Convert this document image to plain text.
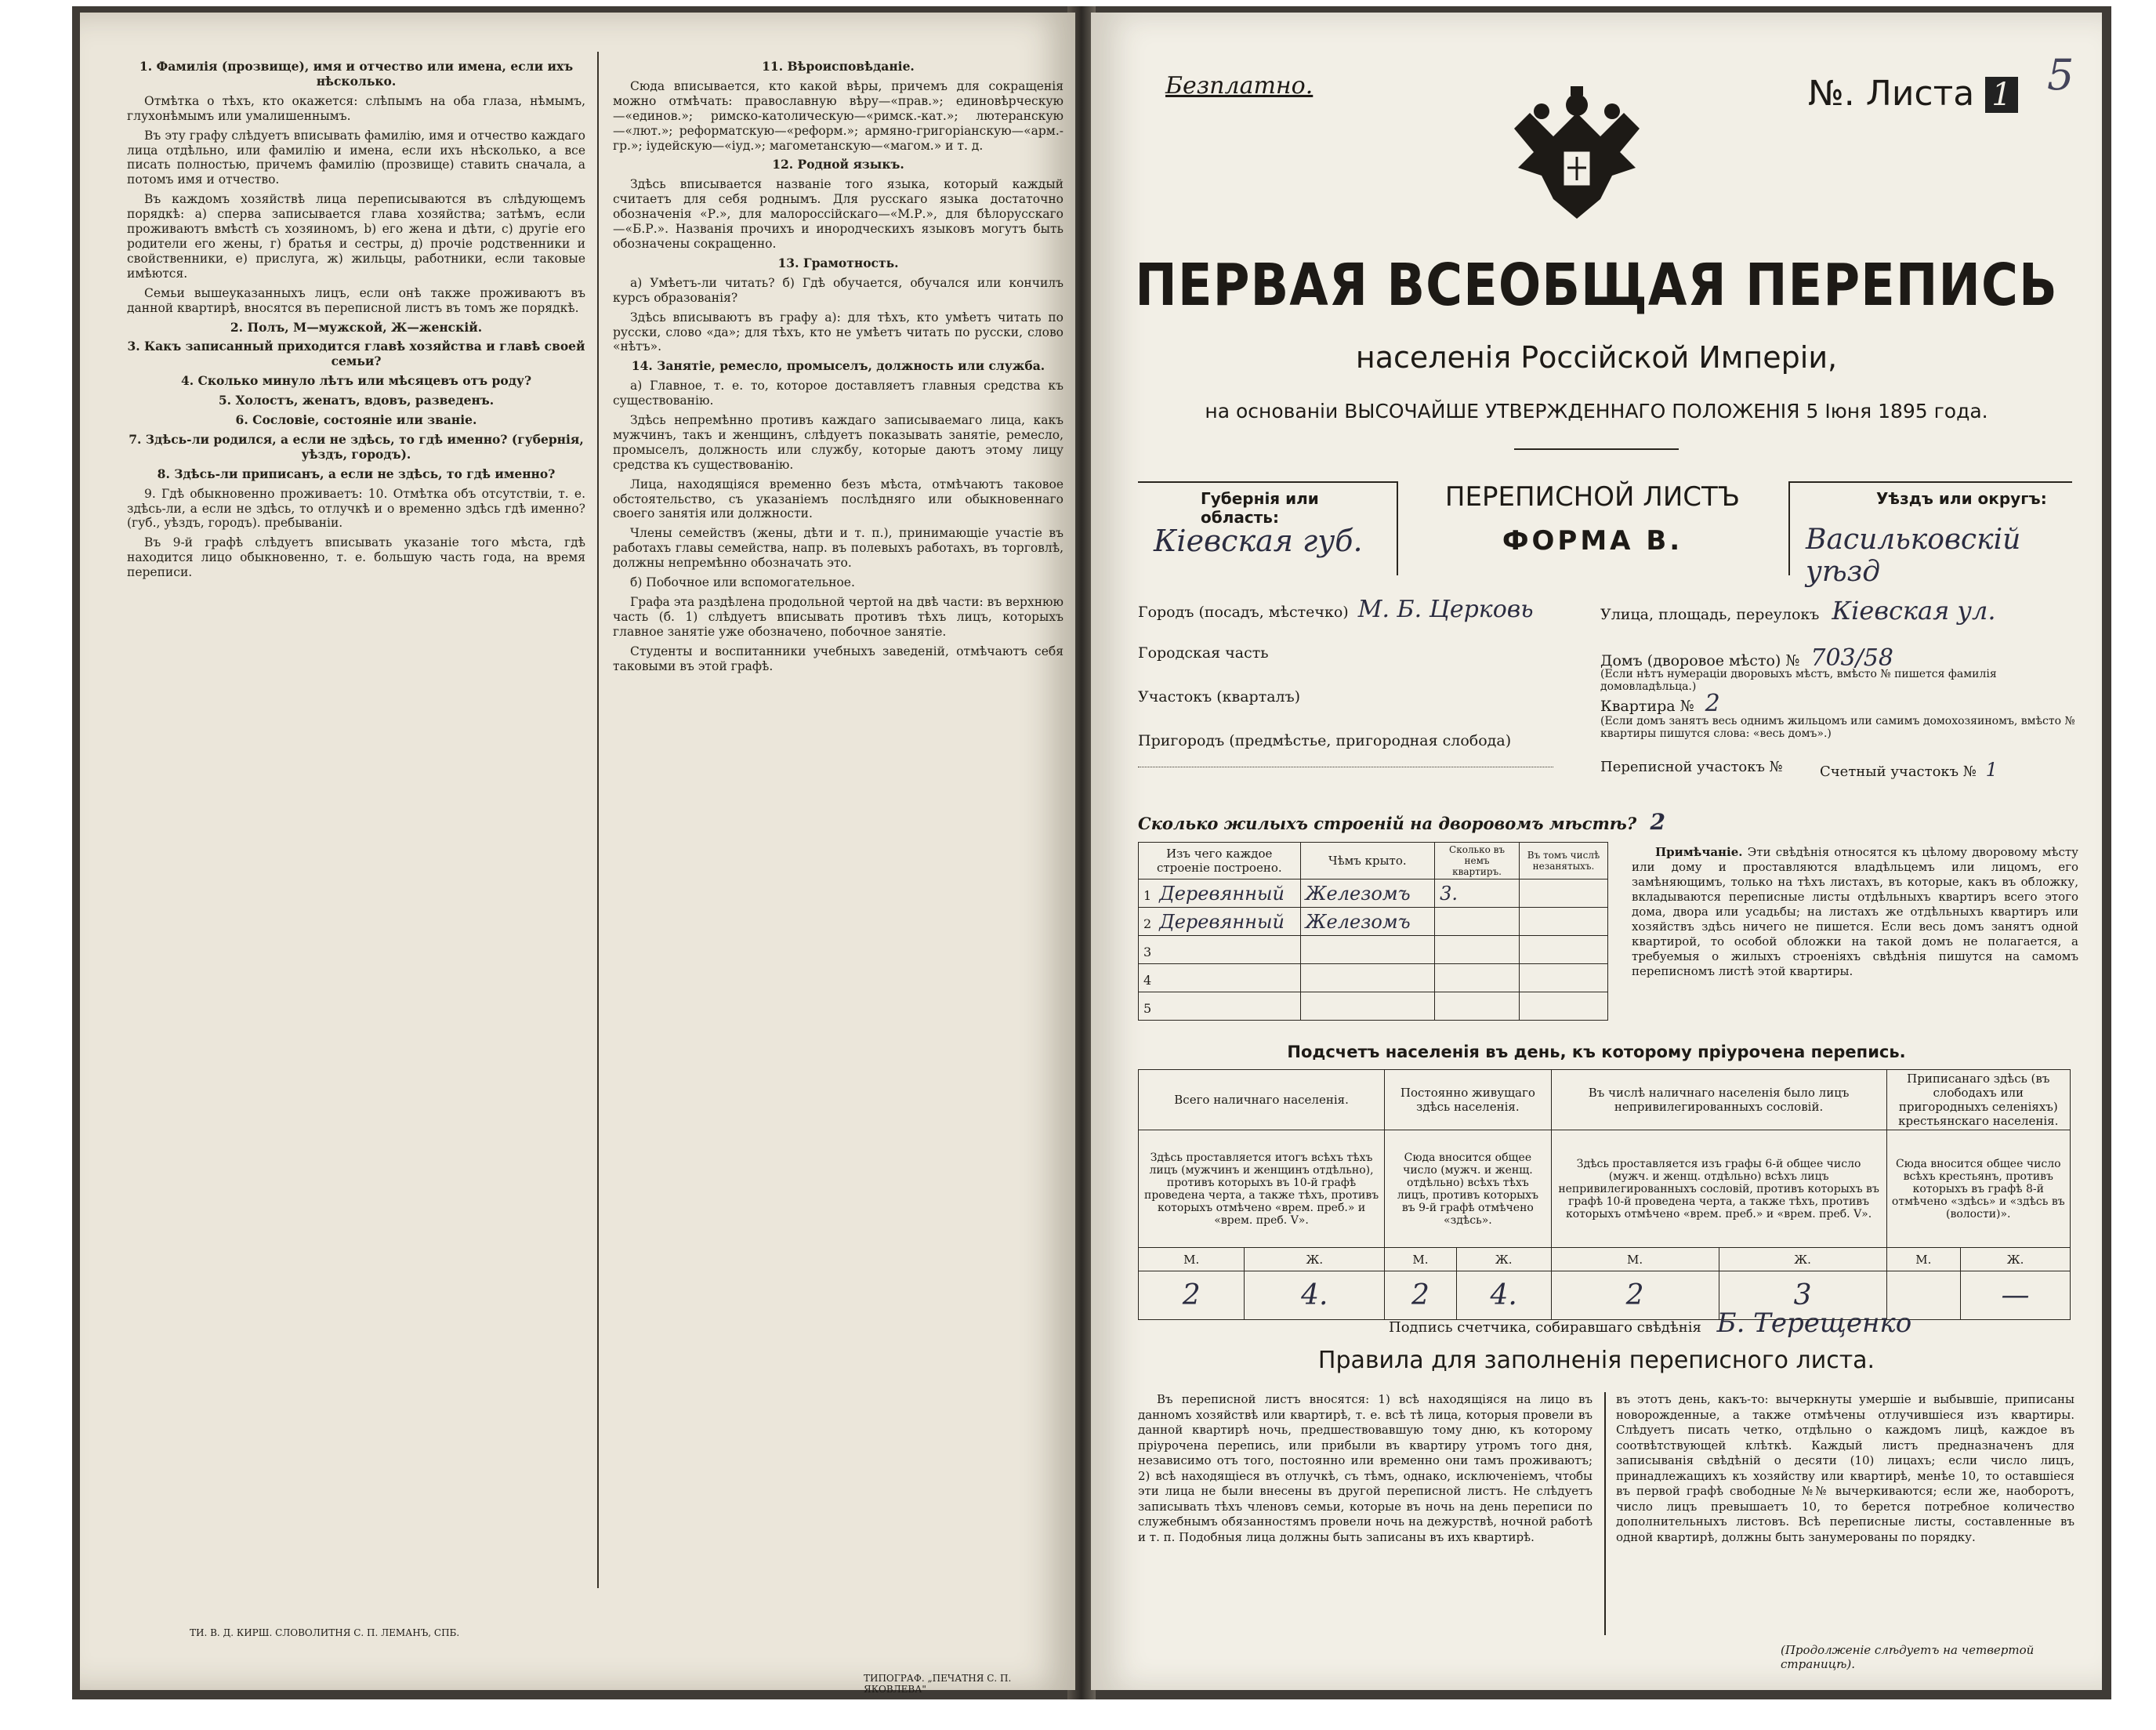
1. Фамилія (прозвище), имя и отчество или имена, если ихъ нѣсколько.

Отмѣтка о тѣхъ, кто окажется: слѣпымъ на оба глаза, нѣмымъ, глухонѣмымъ или умалишеннымъ.

Въ эту графу слѣдуетъ вписывать фамилію, имя и отчество каждаго лица отдѣльно, или фамилію и имена, если ихъ нѣсколько, а все писать полностью, причемъ фамилію (прозвище) ставить сначала, а потомъ имя и отчество.

Въ каждомъ хозяйствѣ лица переписываются въ слѣдующемъ порядкѣ: а) сперва записывается глава хозяйства; затѣмъ, если проживаютъ вмѣстѣ съ хозяиномъ, b) его жена и дѣти, с) другіе его родители его жены, г) братья и сестры, д) прочіе родственники и свойственники, е) прислуга, ж) жильцы, работники, если таковые имѣются.

Семьи вышеуказанныхъ лицъ, если онѣ также проживаютъ въ данной квартирѣ, вносятся въ переписной листъ въ томъ же порядкѣ.

2. Полъ, М—мужской, Ж—женскій.

3. Какъ записанный приходится главѣ хозяйства и главѣ своей семьи?

4. Сколько минуло лѣтъ или мѣсяцевъ отъ роду?

5. Холостъ, женатъ, вдовъ, разведенъ.

6. Сословіе, состояніе или званіе.

7. Здѣсь-ли родился, а если не здѣсь, то гдѣ именно? (губернія, уѣздъ, городъ).

8. Здѣсь-ли приписанъ, а если не здѣсь, то гдѣ именно?

9. Гдѣ обыкновенно проживаетъ: 10. Отмѣтка объ отсутствіи, т. е. здѣсь-ли, а если не здѣсь, то отлучкѣ и о временно здѣсь гдѣ именно? (губ., уѣздъ, городъ). пребываніи.

Въ 9-й графѣ слѣдуетъ вписывать указаніе того мѣста, гдѣ находится лицо обыкновенно, т. е. большую часть года, на время переписи.

11. Вѣроисповѣданіе.

Сюда вписывается, кто какой вѣры, причемъ для сокращенія можно отмѣчать: православную вѣру—«прав.»; единовѣрческую—«единов.»; римско-католическую—«римск.-кат.»; лютеранскую—«лют.»; реформатскую—«реформ.»; армяно-григоріанскую—«арм.-гр.»; іудейскую—«іуд.»; магометанскую—«магом.» и т. д.

12. Родной языкъ.

Здѣсь вписывается названіе того языка, который каждый считаетъ для себя роднымъ. Для русскаго языка достаточно обозначенія «Р.», для малороссійскаго—«М.Р.», для бѣлорусскаго—«Б.Р.». Названія прочихъ и инородческихъ языковъ могутъ быть обозначены сокращенно.

13. Грамотность.

а) Умѣетъ-ли читать? б) Гдѣ обучается, обучался или кончилъ курсъ образованія?

Здѣсь вписываютъ въ графу а): для тѣхъ, кто умѣетъ читать по русски, слово «да»; для тѣхъ, кто не умѣетъ читать по русски, слово «нѣтъ».

14. Занятіе, ремесло, промыселъ, должность или служба.

а) Главное, т. е. то, которое доставляетъ главныя средства къ существованію.

Здѣсь непремѣнно противъ каждаго записываемаго лица, какъ мужчинъ, такъ и женщинъ, слѣдуетъ показывать занятіе, ремесло, промыселъ, должность или службу, которые даютъ этому лицу средства къ существованію.

Лица, находящіяся временно безъ мѣста, отмѣчаютъ таковое обстоятельство, съ указаніемъ послѣдняго или обыкновеннаго своего занятія или должности.

Члены семействъ (жены, дѣти и т. п.), принимающіе участіе въ работахъ главы семейства, напр. въ полевыхъ работахъ, въ торговлѣ, должны непремѣнно обозначать это.

б) Побочное или вспомогательное.

Графа эта раздѣлена продольной чертой на двѣ части: въ верхнюю часть (б. 1) слѣдуетъ вписывать противъ тѣхъ лицъ, которыхъ главное занятіе уже обозначено, побочное занятіе.

Студенты и воспитанники учебныхъ заведеній, отмѣчаютъ себя таковыми въ этой графѣ.

ТИ. В. Д. КИРШ. СЛОВОЛИТНЯ С. П. ЛЕМАНЪ, СПБ.
ТИПОГРАФ. „ПЕЧАТНЯ С. П. ЯКОВЛЕВА"
Безплатно.	№. Листа 1 5
ПЕРВАЯ ВСЕОБЩАЯ ПЕРЕПИСЬ
населенія Россійской Имперіи,
на основаніи ВЫСОЧАЙШЕ УТВЕРЖДЕННАГО ПОЛОЖЕНІЯ 5 Іюня 1895 года.
Губернія или область:
Кіевская губ.
ПЕРЕПИСНОЙ ЛИСТЪ
ФОРМА В.
Уѣздъ или округъ:
Васильковскій уѣзд
Городъ (посадъ, мѣстечко) М. Б. Церковь
Городская часть
Участокъ (кварталъ)
Пригородъ (предмѣстье, пригородная слобода)
Улица, площадь, переулокъ Кіевская ул.
Домъ (дворовое мѣсто) № 703/58
(Если нѣтъ нумераціи дворовыхъ мѣстъ, вмѣсто № пишется фамилія домовладѣльца.)
Квартира № 2
(Если домъ занятъ весь однимъ жильцомъ или самимъ домохозяиномъ, вмѣсто № квартиры пишутся слова: «весь домъ».)
Переписной участокъ №	Счетный участокъ № 1
Сколько жилыхъ строеній на дворовомъ мѣстѣ? 2
Изъ чего каждое строеніе построено.	Чѣмъ крыто.	Сколько въ немъ квартиръ.	Въ томъ числѣ незанятыхъ.
1 Деревянный	Железомъ	3.	
2 Деревянный	Железомъ		
3			
4			
5			
Примѣчаніе. Эти свѣдѣнія относятся къ цѣлому дворовому мѣсту или дому и проставляются владѣльцемъ или лицомъ, его замѣняющимъ, только на тѣхъ листахъ, въ которые, какъ въ обложку, вкладываются переписные листы отдѣльныхъ квартиръ всего этого дома, двора или усадьбы; на листахъ же отдѣльныхъ квартиръ или хозяйствъ здѣсь ничего не пишется. Если весь домъ занятъ одной квартирой, то особой обложки на такой домъ не полагается, а требуемыя о жилыхъ строеніяхъ свѣдѣнія пишутся на самомъ переписномъ листѣ этой квартиры.
Подсчетъ населенія въ день, къ которому пріурочена перепись.
Всего наличнаго населенія.		Постоянно живущаго здѣсь населенія.		Въ числѣ наличнаго населенія было лицъ непривилегированныхъ сословій.		Приписанаго здѣсь (въ слободахъ или пригородныхъ селеніяхъ) крестьянскаго населенія.	
Здѣсь проставляется итогъ всѣхъ тѣхъ лицъ (мужчинъ и женщинъ отдѣльно), противъ которыхъ въ 10-й графѣ проведена черта, а также тѣхъ, противъ которыхъ отмѣчено «врем. преб.» и «врем. преб. V».		Сюда вносится общее число (мужч. и женщ. отдѣльно) всѣхъ тѣхъ лицъ, противъ которыхъ въ 9-й графѣ отмѣчено «здѣсь».		Здѣсь проставляется изъ графы 6-й общее число (мужч. и женщ. отдѣльно) всѣхъ лицъ непривилегированныхъ сословій, противъ которыхъ въ графѣ 10-й проведена черта, а также тѣхъ, противъ которыхъ отмѣчено «врем. преб.» и «врем. преб. V».		Сюда вносится общее число всѣхъ крестьянъ, противъ которыхъ въ графѣ 8-й отмѣчено «здѣсь» и «здѣсь въ (волости)».	
М.	Ж.	М.	Ж.	М.	Ж.	М.	Ж.
2	4.	2	4.	2	3		—
Подпись счетчика, собиравшаго свѣдѣнія Б. Терещенко
Правила для заполненія переписного листа.
Въ переписной листъ вносятся: 1) всѣ находящіяся на лицо въ данномъ хозяйствѣ или квартирѣ, т. е. всѣ тѣ лица, которыя провели въ данной квартирѣ ночь, предшествовавшую тому дню, къ которому пріурочена перепись, или прибыли въ квартиру утромъ того дня, независимо отъ того, постоянно или временно они тамъ проживаютъ; 2) всѣ находящіеся въ отлучкѣ, съ тѣмъ, однако, исключеніемъ, чтобы эти лица не были внесены въ другой переписной листъ. Не слѣдуетъ записывать тѣхъ членовъ семьи, которые въ ночь на день переписи по служебнымъ обязанностямъ провели ночь на дежурствѣ, ночной работѣ и т. п. Подобныя лица должны быть записаны въ ихъ квартирѣ.
въ этотъ день, какъ-то: вычеркнуты умершіе и выбывшіе, приписаны новорожденные, а также отмѣчены отлучившіеся изъ квартиры. Слѣдуетъ писать четко, отдѣльно о каждомъ лицѣ, каждое въ соотвѣтствующей клѣткѣ. Каждый листъ предназначенъ для записыванія свѣдѣній о десяти (10) лицахъ; если число лицъ, принадлежащихъ къ хозяйству или квартирѣ, менѣе 10, то оставшіеся въ первой графѣ свободные №№ вычеркиваются; если же, наоборотъ, число лицъ превышаетъ 10, то берется потребное количество дополнительныхъ листовъ. Всѣ переписные листы, составленные въ одной квартирѣ, должны быть занумерованы по порядку.
(Продолженіе слѣдуетъ на четвертой страницѣ).
